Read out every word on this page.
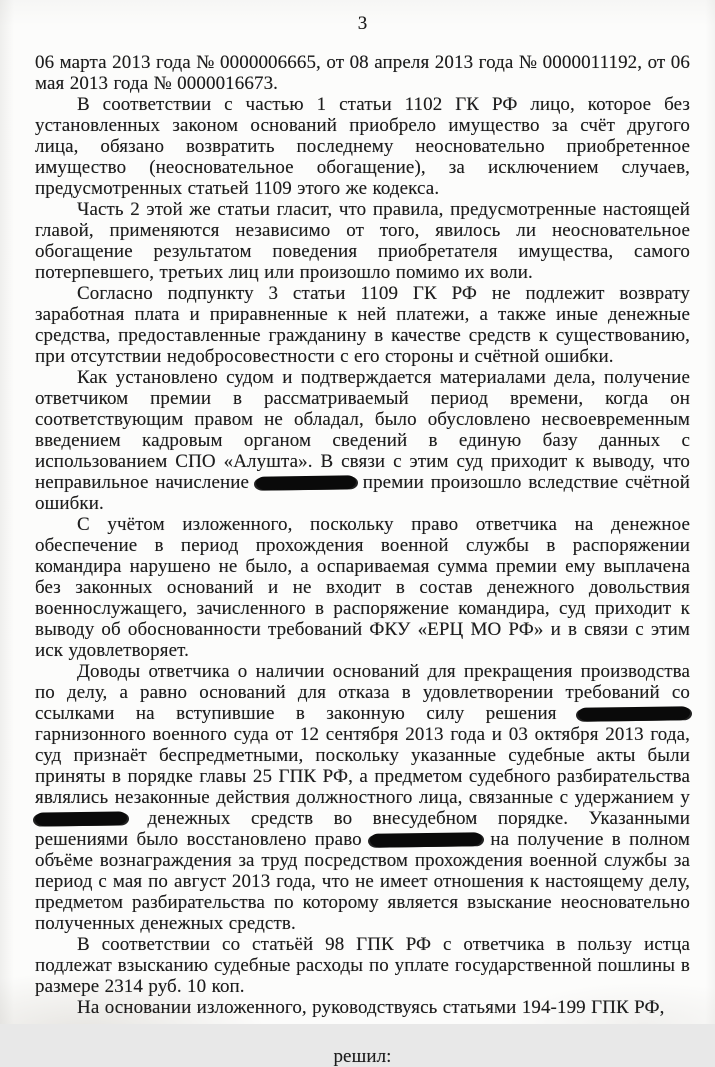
3

06 марта 2013 года № 0000006665, от 08 апреля 2013 года № 0000011192, от 06 мая 2013 года № 0000016673.

В соответствии с частью 1 статьи 1102 ГК РФ лицо, которое без установленных законом оснований приобрело имущество за счёт другого лица, обязано возвратить последнему неосновательно приобретенное имущество (неосновательное обогащение), за исключением случаев, предусмотренных статьей 1109 этого же кодекса.

Часть 2 этой же статьи гласит, что правила, предусмотренные настоящей главой, применяются независимо от того, явилось ли неосновательное обогащение результатом поведения приобретателя имущества, самого потерпевшего, третьих лиц или произошло помимо их воли.

Согласно подпункту 3 статьи 1109 ГК РФ не подлежит возврату заработная плата и приравненные к ней платежи, а также иные денежные средства, предоставленные гражданину в качестве средств к существованию, при отсутствии недобросовестности с его стороны и счётной ошибки.

Как установлено судом и подтверждается материалами дела, получение ответчиком премии в рассматриваемый период времени, когда он соответствующим правом не обладал, было обусловлено несвоевременным введением кадровым органом сведений в единую базу данных с использованием СПО «Алушта». В связи с этим суд приходит к выводу, что неправильное начисление	премии произошло вследствие счётной ошибки.

С учётом изложенного, поскольку право ответчика на денежное обеспечение в период прохождения военной службы в распоряжении командира нарушено не было, а оспариваемая сумма премии ему выплачена без законных оснований и не входит в состав денежного довольствия военнослужащего, зачисленного в распоряжение командира, суд приходит к выводу об обоснованности требований ФКУ «ЕРЦ МО РФ» и в связи с этим иск удовлетворяет.

Доводы ответчика о наличии оснований для прекращения производства по делу, а равно оснований для отказа в удовлетворении требований со ссылками на вступившие в законную силу решения  гарнизонного военного суда от 12 сентября 2013 года и 03 октября 2013 года, суд признаёт беспредметными, поскольку указанные судебные акты были приняты в порядке главы 25 ГПК РФ, а предметом судебного разбирательства являлись незаконные действия должностного лица, связанные с удержанием у  денежных средств во внесудебном порядке. Указанными решениями было восстановлено право	на получение в полном объёме вознаграждения за труд посредством прохождения военной службы за период с мая по август 2013 года, что не имеет отношения к настоящему делу, предметом разбирательства по которому является взыскание неосновательно полученных денежных средств.

В соответствии со статьёй 98 ГПК РФ с ответчика в пользу истца подлежат взысканию судебные расходы по уплате государственной пошлины в размере 2314 руб. 10 коп.

На основании изложенного, руководствуясь статьями 194-199 ГПК РФ,

решил:
